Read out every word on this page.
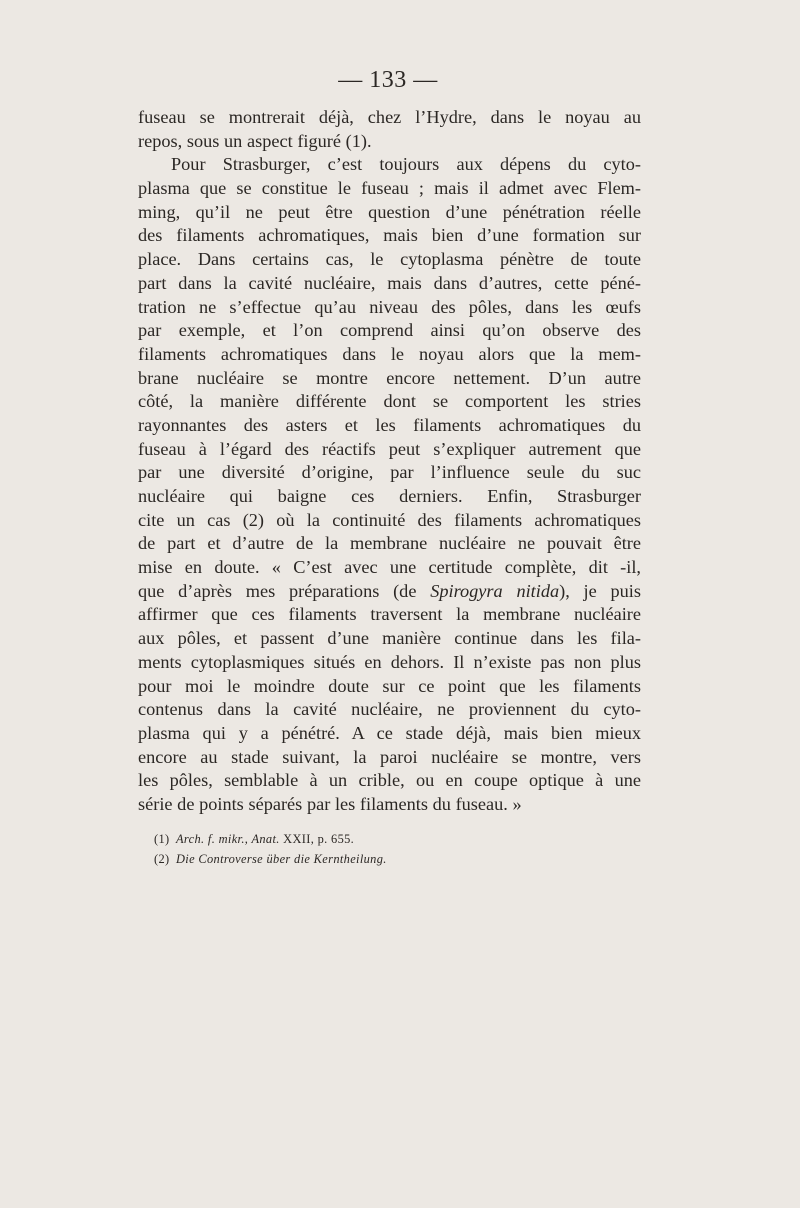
— 133 —
fuseau se montrerait déjà, chez l’Hydre, dans le noyau au
repos, sous un aspect figuré (1).
Pour Strasburger, c’est toujours aux dépens du cyto-
plasma que se constitue le fuseau ; mais il admet avec Flem-
ming, qu’il ne peut être question d’une pénétration réelle
des filaments achromatiques, mais bien d’une formation sur
place. Dans certains cas, le cytoplasma pénètre de toute
part dans la cavité nucléaire, mais dans d’autres, cette péné-
tration ne s’effectue qu’au niveau des pôles, dans les œufs
par exemple, et l’on comprend ainsi qu’on observe des
filaments achromatiques dans le noyau alors que la mem-
brane nucléaire se montre encore nettement. D’un autre
côté, la manière différente dont se comportent les stries
rayonnantes des asters et les filaments achromatiques du
fuseau à l’égard des réactifs peut s’expliquer autrement que
par une diversité d’origine, par l’influence seule du suc
nucléaire qui baigne ces derniers. Enfin, Strasburger
cite un cas (2) où la continuité des filaments achromatiques
de part et d’autre de la membrane nucléaire ne pouvait être
mise en doute. « C’est avec une certitude complète, dit -il,
que d’après mes préparations (de Spirogyra nitida), je puis
affirmer que ces filaments traversent la membrane nucléaire
aux pôles, et passent d’une manière continue dans les fila-
ments cytoplasmiques situés en dehors. Il n’existe pas non plus
pour moi le moindre doute sur ce point que les filaments
contenus dans la cavité nucléaire, ne proviennent du cyto-
plasma qui y a pénétré. A ce stade déjà, mais bien mieux
encore au stade suivant, la paroi nucléaire se montre, vers
les pôles, semblable à un crible, ou en coupe optique à une
série de points séparés par les filaments du fuseau. »
(1) Arch. f. mikr., Anat. XXII, p. 655.
(2) Die Controverse über die Kerntheilung.
